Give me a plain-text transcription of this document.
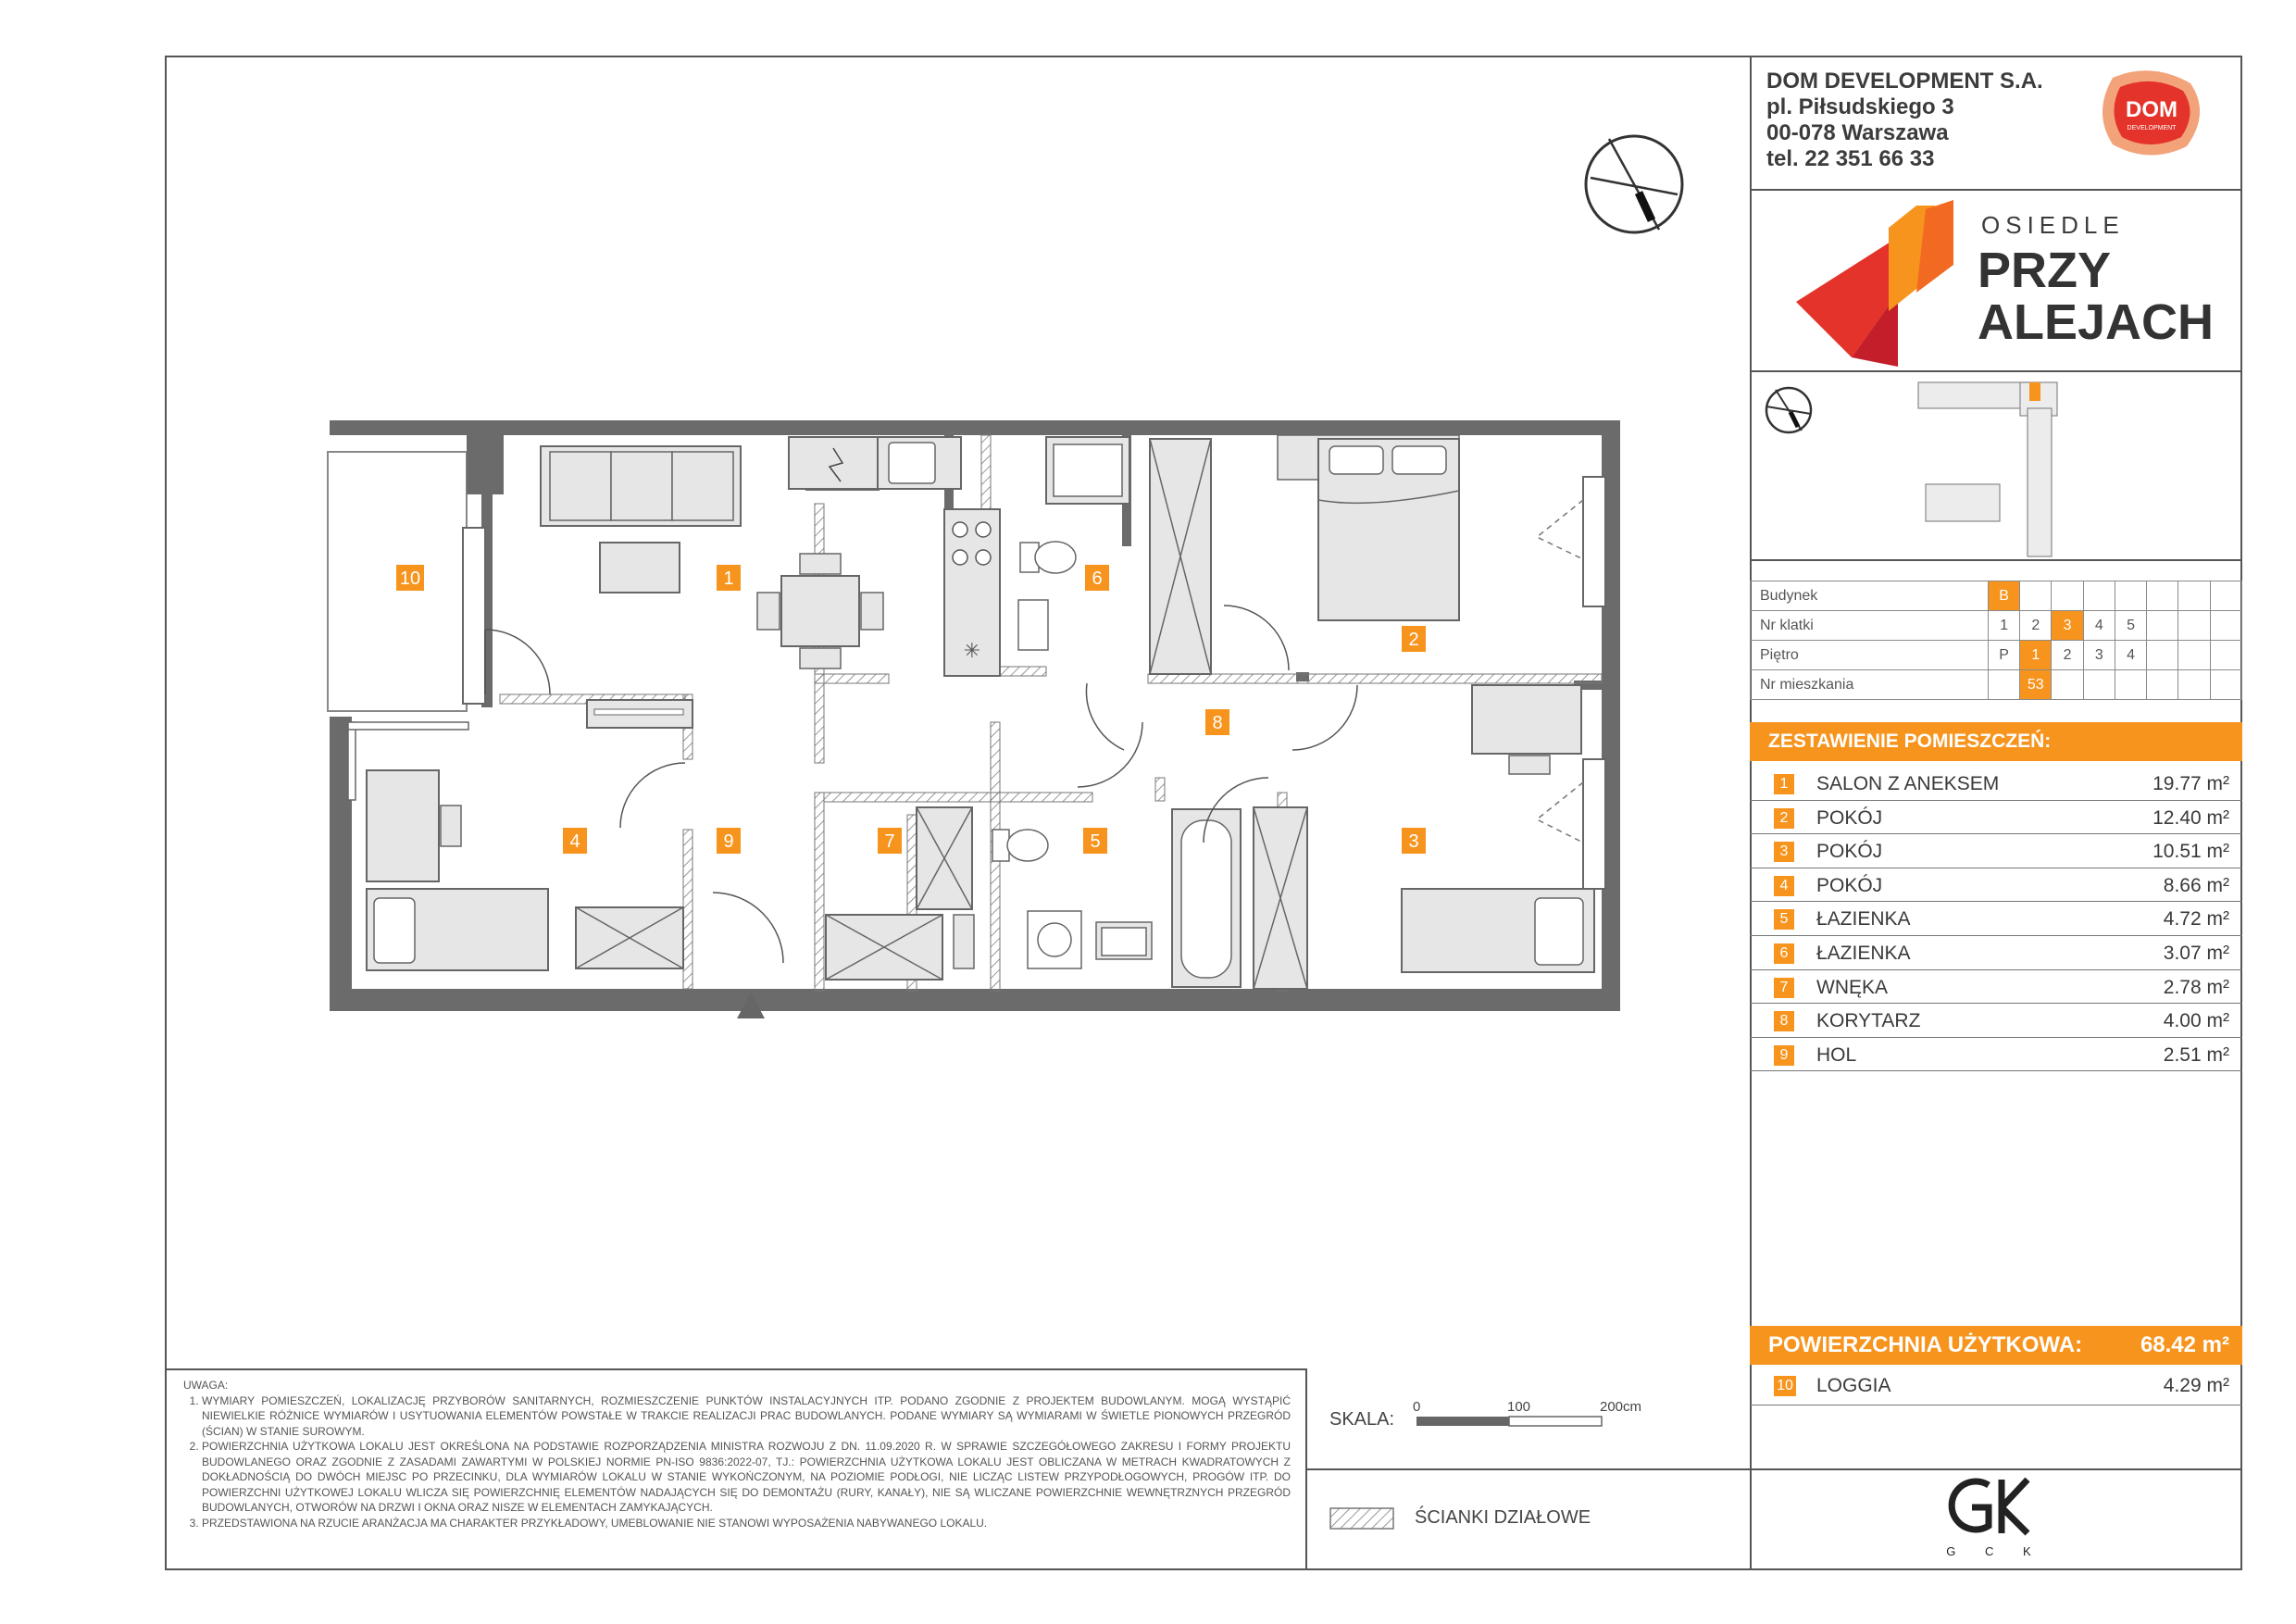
✳
10	1	6
2
8
4	9	7	5	3
DOM DEVELOPMENT S.A.
pl. Piłsudskiego 3
00-078 Warszawa
tel. 22 351 66 33
DOM
DEVELOPMENT
OSIEDLE
PRZY
ALEJACH
Budynek	B							
Nr klatki	1	2	3	4	5			
Piętro	P	1	2	3	4			
Nr mieszkania		53						
ZESTAWIENIE POMIESZCZEŃ:
1	SALON Z ANEKSEM	19.77 m²
2	POKÓJ	12.40 m²
3	POKÓJ	10.51 m²
4	POKÓJ	8.66 m²
5	ŁAZIENKA	4.72 m²
6	ŁAZIENKA	3.07 m²
7	WNĘKA	2.78 m²
8	KORYTARZ	4.00 m²
9	HOL	2.51 m²
POWIERZCHNIA UŻYTKOWA:	68.42 m²
10 LOGGIA	4.29 m²
G C K
UWAGA:
1. WYMIARY POMIESZCZEŃ, LOKALIZACJĘ PRZYBORÓW SANITARNYCH, ROZMIESZCZENIE PUNKTÓW INSTALACYJNYCH ITP. PODANO ZGODNIE Z PROJEKTEM BUDOWLANYM. MOGĄ WYSTĄPIĆ NIEWIELKIE RÓŻNICE WYMIARÓW I USYTUOWANIA ELEMENTÓW POWSTAŁE W TRAKCIE REALIZACJI PRAC BUDOWLANYCH. PODANE WYMIARY SĄ WYMIARAMI W ŚWIETLE PIONOWYCH PRZEGRÓD (ŚCIAN) W STANIE SUROWYM.
2. POWIERZCHNIA UŻYTKOWA LOKALU JEST OKREŚLONA NA PODSTAWIE ROZPORZĄDZENIA MINISTRA ROZWOJU Z DN. 11.09.2020 R. W SPRAWIE SZCZEGÓŁOWEGO ZAKRESU I FORMY PROJEKTU BUDOWLANEGO ORAZ ZGODNIE Z ZASADAMI ZAWARTYMI W POLSKIEJ NORMIE PN-ISO 9836:2022-07, TJ.: POWIERZCHNIA UŻYTKOWA LOKALU JEST OBLICZANA W METRACH KWADRATOWYCH Z DOKŁADNOŚCIĄ DO DWÓCH MIEJSC PO PRZECINKU, DLA WYMIARÓW LOKALU W STANIE WYKOŃCZONYM, NA POZIOMIE PODŁOGI, NIE LICZĄC LISTEW PRZYPODŁOGOWYCH, PROGÓW ITP. DO POWIERZCHNI UŻYTKOWEJ LOKALU WLICZA SIĘ POWIERZCHNIĘ ELEMENTÓW NADAJĄCYCH SIĘ DO DEMONTAŻU (RURY, KANAŁY), NIE SĄ WLICZANE POWIERZCHNIE WEWNĘTRZNYCH PRZEGRÓD BUDOWLANYCH, OTWORÓW NA DRZWI I OKNA ORAZ NISZE W ELEMENTACH ZAMYKAJĄCYCH.
3. PRZEDSTAWIONA NA RZUCIE ARANŻACJA MA CHARAKTER PRZYKŁADOWY, UMEBLOWANIE NIE STANOWI WYPOSAŻENIA NABYWANEGO LOKALU.
SKALA:
0	100	200cm
ŚCIANKI DZIAŁOWE
